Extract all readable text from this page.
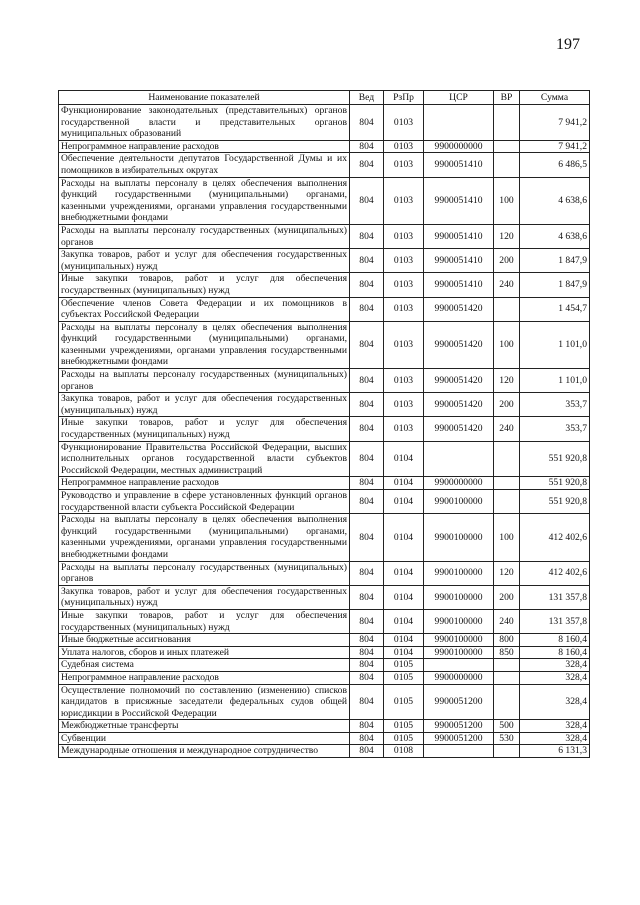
197
Наименование показателей	Вед	РзПр	ЦСР	ВР	Сумма
Функционирование законодательных (представительных) органов государственной власти и представительных органов муниципальных образований	804	0103			7 941,2
Непрограммное направление расходов	804	0103	9900000000		7 941,2
Обеспечение деятельности депутатов Государственной Думы и их помощников в избирательных округах	804	0103	9900051410		6 486,5
Расходы на выплаты персоналу в целях обеспечения выполнения функций государственными (муниципальными) органами, казенными учреждениями, органами управления государственными внебюджетными фондами	804	0103	9900051410	100	4 638,6
Расходы на выплаты персоналу государственных (муниципальных) органов	804	0103	9900051410	120	4 638,6
Закупка товаров, работ и услуг для обеспечения государственных (муниципальных) нужд	804	0103	9900051410	200	1 847,9
Иные закупки товаров, работ и услуг для обеспечения государственных (муниципальных) нужд	804	0103	9900051410	240	1 847,9
Обеспечение членов Совета Федерации и их помощников в субъектах Российской Федерации	804	0103	9900051420		1 454,7
Расходы на выплаты персоналу в целях обеспечения выполнения функций государственными (муниципальными) органами, казенными учреждениями, органами управления государственными внебюджетными фондами	804	0103	9900051420	100	1 101,0
Расходы на выплаты персоналу государственных (муниципальных) органов	804	0103	9900051420	120	1 101,0
Закупка товаров, работ и услуг для обеспечения государственных (муниципальных) нужд	804	0103	9900051420	200	353,7
Иные закупки товаров, работ и услуг для обеспечения государственных (муниципальных) нужд	804	0103	9900051420	240	353,7
Функционирование Правительства Российской Федерации, высших исполнительных органов государственной власти субъектов Российской Федерации, местных администраций	804	0104			551 920,8
Непрограммное направление расходов	804	0104	9900000000		551 920,8
Руководство и управление в сфере установленных функций органов государственной власти субъекта Российской Федерации	804	0104	9900100000		551 920,8
Расходы на выплаты персоналу в целях обеспечения выполнения функций государственными (муниципальными) органами, казенными учреждениями, органами управления государственными внебюджетными фондами	804	0104	9900100000	100	412 402,6
Расходы на выплаты персоналу государственных (муниципальных) органов	804	0104	9900100000	120	412 402,6
Закупка товаров, работ и услуг для обеспечения государственных (муниципальных) нужд	804	0104	9900100000	200	131 357,8
Иные закупки товаров, работ и услуг для обеспечения государственных (муниципальных) нужд	804	0104	9900100000	240	131 357,8
Иные бюджетные ассигнования	804	0104	9900100000	800	8 160,4
Уплата налогов, сборов и иных платежей	804	0104	9900100000	850	8 160,4
Судебная система	804	0105			328,4
Непрограммное направление расходов	804	0105	9900000000		328,4
Осуществление полномочий по составлению (изменению) списков кандидатов в присяжные заседатели федеральных судов общей юрисдикции в Российской Федерации	804	0105	9900051200		328,4
Межбюджетные трансферты	804	0105	9900051200	500	328,4
Субвенции	804	0105	9900051200	530	328,4
Международные отношения и международное сотрудничество	804	0108			6 131,3
